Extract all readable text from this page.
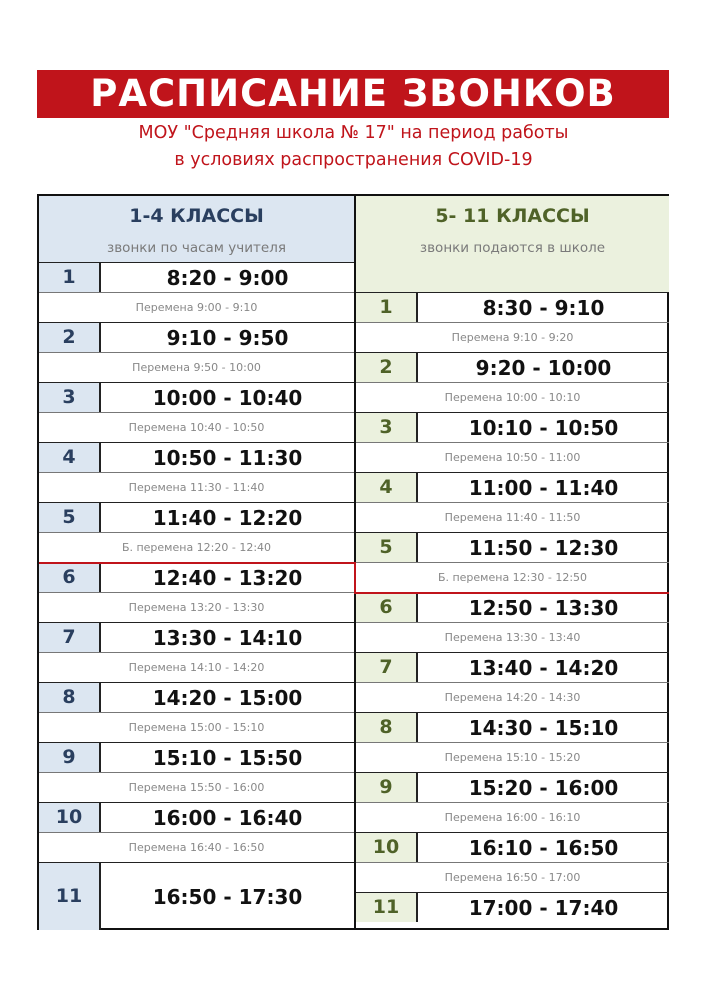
РАСПИСАНИЕ ЗВОНКОВ
МОУ "Средняя школа № 17" на период работы
в условиях распространения COVID-19
1-4 КЛАССЫ
звонки по часам учителя
5- 11 КЛАССЫ
звонки подаются в школе
1	8:20 - 9:00
Перемена 9:00 - 9:10
2	9:10 - 9:50
Перемена 9:50 - 10:00
3	10:00 - 10:40
Перемена 10:40 - 10:50
4	10:50 - 11:30
Перемена 11:30 - 11:40
5	11:40 - 12:20
Б. перемена 12:20 - 12:40
6	12:40 - 13:20
Перемена 13:20 - 13:30
7	13:30 - 14:10
Перемена 14:10 - 14:20
8	14:20 - 15:00
Перемена 15:00 - 15:10
9	15:10 - 15:50
Перемена 15:50 - 16:00
10	16:00 - 16:40
Перемена 16:40 - 16:50
11	16:50 - 17:30
1	8:30 - 9:10
Перемена 9:10 - 9:20
2	9:20 - 10:00
Перемена 10:00 - 10:10
3	10:10 - 10:50
Перемена 10:50 - 11:00
4	11:00 - 11:40
Перемена 11:40 - 11:50
5	11:50 - 12:30
Б. перемена 12:30 - 12:50
6	12:50 - 13:30
Перемена 13:30 - 13:40
7	13:40 - 14:20
Перемена 14:20 - 14:30
8	14:30 - 15:10
Перемена 15:10 - 15:20
9	15:20 - 16:00
Перемена 16:00 - 16:10
10	16:10 - 16:50
Перемена 16:50 - 17:00
11	17:00 - 17:40
